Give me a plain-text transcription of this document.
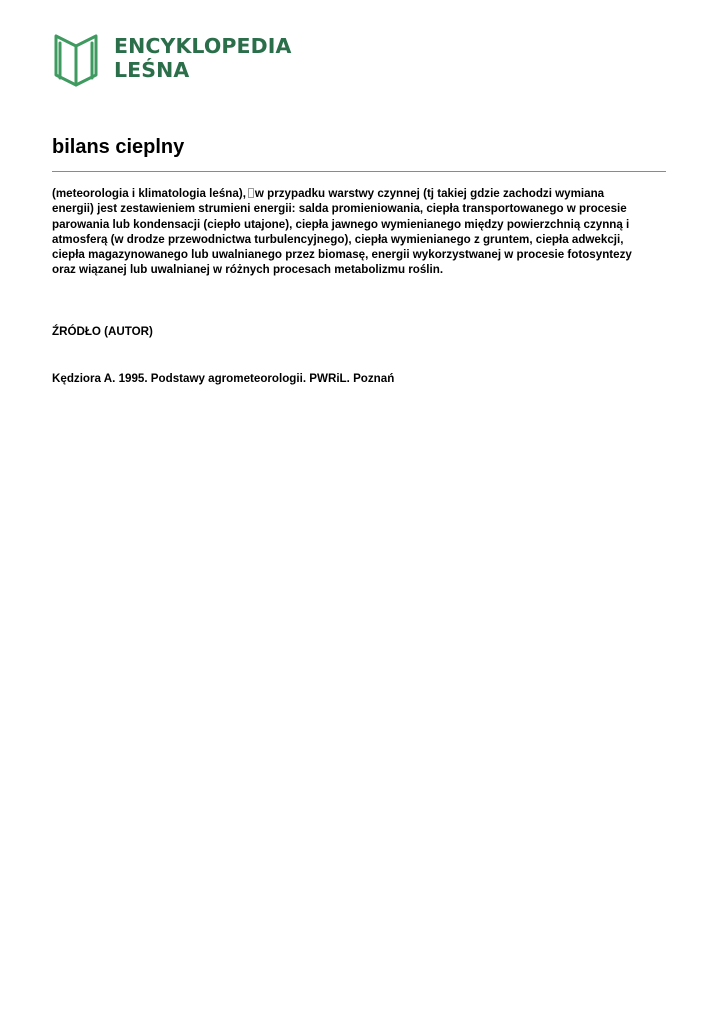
ENCYKLOPEDIA
LEŚNA
bilans cieplny
(meteorologia i klimatologia leśna), w przypadku warstwy czynnej (tj takiej gdzie zachodzi wymiana
energii) jest zestawieniem strumieni energii: salda promieniowania, ciepła transportowanego w procesie
parowania lub kondensacji (ciepło utajone), ciepła jawnego wymienianego między powierzchnią czynną i
atmosferą (w drodze przewodnictwa turbulencyjnego), ciepła wymienianego z gruntem, ciepła adwekcji,
ciepła magazynowanego lub uwalnianego przez biomasę, energii wykorzystwanej w procesie fotosyntezy
oraz wiązanej lub uwalnianej w różnych procesach metabolizmu roślin.
ŹRÓDŁO (AUTOR)

Kędziora A. 1995. Podstawy agrometeorologii. PWRiL. Poznań
